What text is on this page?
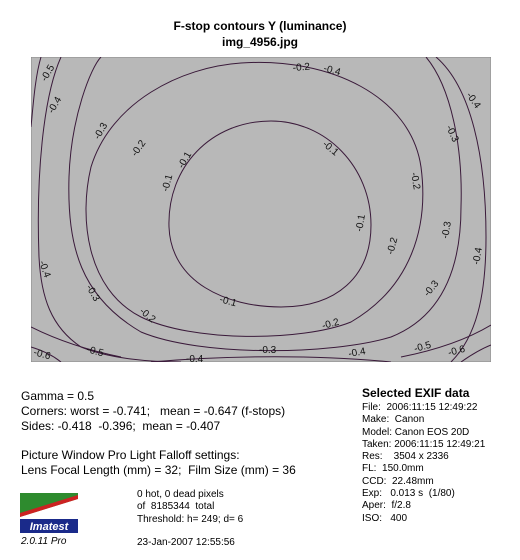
F-stop contours Y (luminance)
img_4956.jpg
-0.5
-0.4
-0.3
-0.2
-0.1
-0.1
-0.2
-0.3
-0.4
-0.2
-0.3
-0.1
-0.1
-0.2
-0.3	-0.4
-0.4
-0.3
-0.2
-0.1
-0.2
-0.3
-0.4
-0.5
-0.6	-0.5 -0.6
-0.4
-0.4
Gamma = 0.5
Corners: worst = -0.741;   mean = -0.647 (f-stops)
Sides: -0.418  -0.396;  mean = -0.407
Picture Window Pro Light Falloff settings:
Lens Focal Length (mm) = 32;  Film Size (mm) = 36
Selected EXIF data
File:  2006:11:15 12:49:22
Make:  Canon
Model: Canon EOS 20D
Taken: 2006:11:15 12:49:21
Res:    3504 x 2336
FL:  150.0mm
CCD:  22.48mm
Exp:   0.013 s  (1/80)
Aper:  f/2.8
ISO:   400
Imatest
2.0.11 Pro
0 hot, 0 dead pixels
of  8185344  total
Threshold: h= 249; d= 6
23-Jan-2007 12:55:56
